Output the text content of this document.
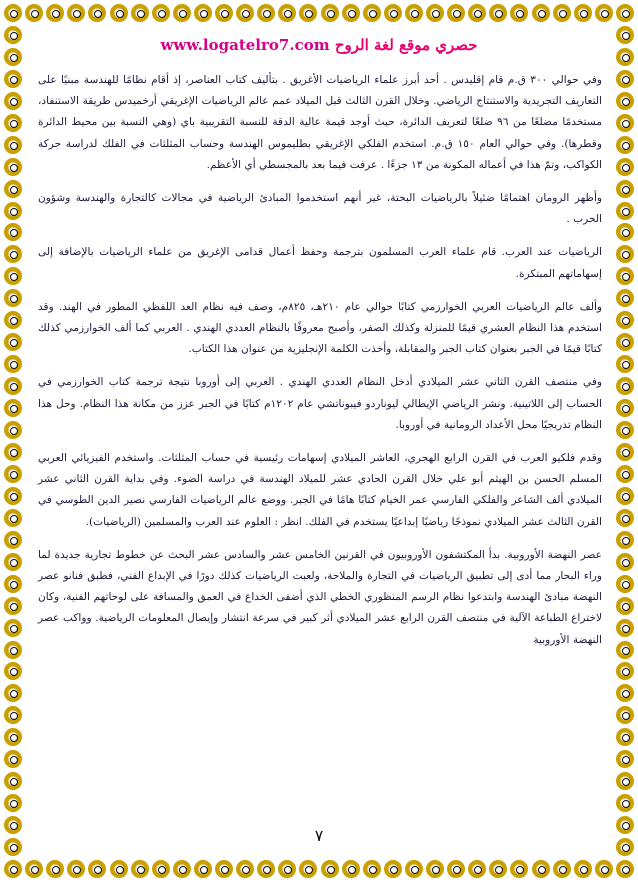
www.logatelro7.com حصري موقع لغة الروح

وفي حوالي ٣٠٠ ق.م قام إقليدس . أحد أبرز علماء الرياضيات الأغريق . بتأليف كتاب العناصر، إذ أقام نظامًا للهندسة مبنيًا على التعاريف التجريدية والاستنتاج الرياضي. وخلال القرن الثالث قبل الميلاد عمم عالم الرياضيات الإغريقي أرخميدس طريقة الاستنفاد، مستخدمًا مضلعًا من ٩٦ ضلعًا لتعريف الدائرة، حيث أوجد قيمة عالية الدقة للنسبة التقريبية باي (وهي النسبة بين محيط الدائرة وقطرها). وفي حوالي العام ١٥٠ ق.م. استخدم الفلكي الإغريقي بطليموس الهندسة وحساب المثلثات في الفلك لدراسة حركة الكواكب، وتمّ هذا في أعماله المكونة من ١٣ جزءًا . عرفت فيما بعد بالمجسطي أي الأعظم.

وأظهر الرومان اهتمامًا ضئيلاً بالرياضيات البحتة، غير أنهم استخدموا المبادئ الرياضية في مجالات كالتجارة والهندسة وشؤون الحرب .

الرياضيات عند العرب. قام علماء العرب المسلمون بترجمة وحفظ أعمال قدامى الإغريق من علماء الرياضيات بالإضافة إلى إسهاماتهم المبتكرة.

وألف عالم الرياضيات العربي الخوارزمي كتابًا حوالي عام ٢١٠هـ، ٨٢٥م، وصف فيه نظام العد اللفظي المطور في الهند. وقد استخدم هذا النظام العشري قيمًا للمنزلة وكذلك الصفر، وأصبح معروفًا بالنظام العددي الهندي . العربي كما ألف الخوارزمي كذلك كتابًا قيمًا في الجبر بعنوان كتاب الجبر والمقابلة، وأخذت الكلمة الإنجليزية من عنوان هذا الكتاب.

وفي منتصف القرن الثاني عشر الميلادي أدخل النظام العددي الهندي . العربي إلى أوروبا نتيجة ترجمة كتاب الخوارزمي في الحساب إلى اللاتينية. ونشر الرياضي الإيطالي ليوناردو فيبوناتشي عام ١٢٠٢م كتابًا في الجبر عزز من مكانة هذا النظام. وحل هذا النظام تدريجيًا محل الأعداد الرومانية في أوروبا.

وقدم فلكيو العرب في القرن الرابع الهجري، العاشر الميلادي إسهامات رئيسية في حساب المثلثات. واستخدم الفيزيائي العربي المسلم الحسن بن الهيثم أبو علي خلال القرن الحادي عشر للميلاد الهندسة في دراسة الضوء. وفي بداية القرن الثاني عشر الميلادي ألف الشاعر والفلكي الفارسي عمر الخيام كتابًا هامًا في الجبر. ووضع عالم الرياضيات الفارسي نصير الدين الطوسي في القرن الثالث عشر الميلادي نموذجًا رياضيًا إبداعيًا يستخدم في الفلك. انظر : العلوم عند العرب والمسلمين (الرياضيات).

عصر النهضة الأوروبية. بدأ المكتشفون الأوروبيون في القرنين الخامس عشر والسادس عشر البحث عن خطوط تجارية جديدة لما وراء البحار مما أدى إلى تطبيق الرياضيات في التجارة والملاحة، ولعبت الرياضيات كذلك دورًا في الإبداع الفني، فطبق فنانو عصر النهضة مبادئ الهندسة وابتدعوا نظام الرسم المنظوري الخطي الذي أضفى الخداع في العمق والمسافة على لوحاتهم الفنية، وكان لاختراع الطباعة الآلية في منتصف القرن الرابع عشر الميلادي أثر كبير في سرعة انتشار وإيصال المعلومات الرياضية. وواكب عصر النهضة الأوروبية

٧
